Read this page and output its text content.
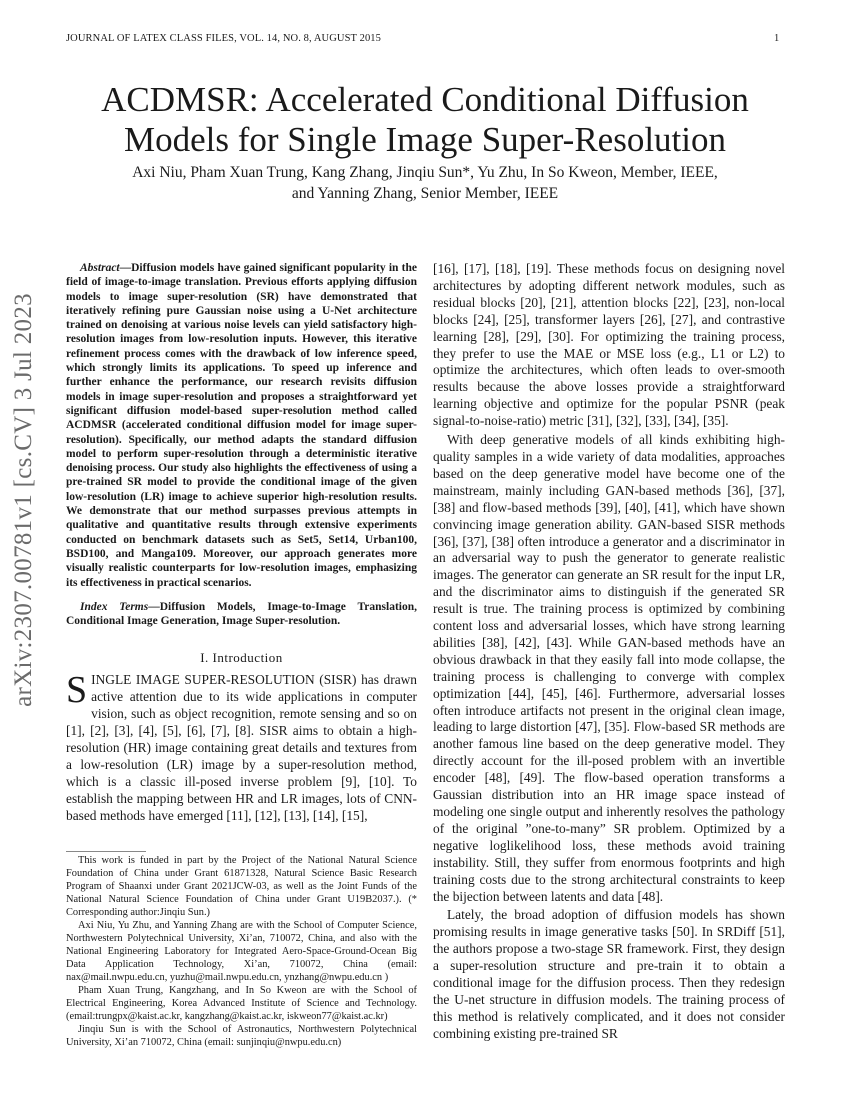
JOURNAL OF LATEX CLASS FILES, VOL. 14, NO. 8, AUGUST 2015	1
arXiv:2307.00781v1 [cs.CV] 3 Jul 2023
ACDMSR: Accelerated Conditional Diffusion Models for Single Image Super-Resolution
Axi Niu, Pham Xuan Trung, Kang Zhang, Jinqiu Sun*, Yu Zhu, In So Kweon, Member, IEEE,
and Yanning Zhang, Senior Member, IEEE

Abstract—Diffusion models have gained significant popularity in the field of image-to-image translation. Previous efforts applying diffusion models to image super-resolution (SR) have demonstrated that iteratively refining pure Gaussian noise using a U-Net architecture trained on denoising at various noise levels can yield satisfactory high-resolution images from low-resolution inputs. However, this iterative refinement process comes with the drawback of low inference speed, which strongly limits its applications. To speed up inference and further enhance the performance, our research revisits diffusion models in image super-resolution and proposes a straightforward yet significant diffusion model-based super-resolution method called ACDMSR (accelerated conditional diffusion model for image super-resolution). Specifically, our method adapts the standard diffusion model to perform super-resolution through a deterministic iterative denoising process. Our study also highlights the effectiveness of using a pre-trained SR model to provide the conditional image of the given low-resolution (LR) image to achieve superior high-resolution results. We demonstrate that our method surpasses previous attempts in qualitative and quantitative results through extensive experiments conducted on benchmark datasets such as Set5, Set14, Urban100, BSD100, and Manga109. Moreover, our approach generates more visually realistic counterparts for low-resolution images, emphasizing its effectiveness in practical scenarios.

Index Terms—Diffusion Models, Image-to-Image Translation, Conditional Image Generation, Image Super-resolution.

I. Introduction

SINGLE IMAGE SUPER-RESOLUTION (SISR) has drawn active attention due to its wide applications in computer vision, such as object recognition, remote sensing and so on [1], [2], [3], [4], [5], [6], [7], [8]. SISR aims to obtain a high-resolution (HR) image containing great details and textures from a low-resolution (LR) image by a super-resolution method, which is a classic ill-posed inverse problem [9], [10]. To establish the mapping between HR and LR images, lots of CNN-based methods have emerged [11], [12], [13], [14], [15],

This work is funded in part by the Project of the National Natural Science Foundation of China under Grant 61871328, Natural Science Basic Research Program of Shaanxi under Grant 2021JCW-03, as well as the Joint Funds of the National Natural Science Foundation of China under Grant U19B2037.). (* Corresponding author:Jinqiu Sun.)

Axi Niu, Yu Zhu, and Yanning Zhang are with the School of Computer Science, Northwestern Polytechnical University, Xi’an, 710072, China, and also with the National Engineering Laboratory for Integrated Aero-Space-Ground-Ocean Big Data Application Technology, Xi’an, 710072, China (email: nax@mail.nwpu.edu.cn, yuzhu@mail.nwpu.edu.cn, ynzhang@nwpu.edu.cn )

Pham Xuan Trung, Kangzhang, and In So Kweon are with the School of Electrical Engineering, Korea Advanced Institute of Science and Technology. (email:trungpx@kaist.ac.kr, kangzhang@kaist.ac.kr, iskweon77@kaist.ac.kr)

Jinqiu Sun is with the School of Astronautics, Northwestern Polytechnical University, Xi’an 710072, China (email: sunjinqiu@nwpu.edu.cn)

[16], [17], [18], [19]. These methods focus on designing novel architectures by adopting different network modules, such as residual blocks [20], [21], attention blocks [22], [23], non-local blocks [24], [25], transformer layers [26], [27], and contrastive learning [28], [29], [30]. For optimizing the training process, they prefer to use the MAE or MSE loss (e.g., L1 or L2) to optimize the architectures, which often leads to over-smooth results because the above losses provide a straightforward learning objective and optimize for the popular PSNR (peak signal-to-noise-ratio) metric [31], [32], [33], [34], [35].

With deep generative models of all kinds exhibiting high-quality samples in a wide variety of data modalities, approaches based on the deep generative model have become one of the mainstream, mainly including GAN-based methods [36], [37], [38] and flow-based methods [39], [40], [41], which have shown convincing image generation ability. GAN-based SISR methods [36], [37], [38] often introduce a generator and a discriminator in an adversarial way to push the generator to generate realistic images. The generator can generate an SR result for the input LR, and the discriminator aims to distinguish if the generated SR result is true. The training process is optimized by combining content loss and adversarial losses, which have strong learning abilities [38], [42], [43]. While GAN-based methods have an obvious drawback in that they easily fall into mode collapse, the training process is challenging to converge with complex optimization [44], [45], [46]. Furthermore, adversarial losses often introduce artifacts not present in the original clean image, leading to large distortion [47], [35]. Flow-based SR methods are another famous line based on the deep generative model. They directly account for the ill-posed problem with an invertible encoder [48], [49]. The flow-based operation transforms a Gaussian distribution into an HR image space instead of modeling one single output and inherently resolves the pathology of the original ”one-to-many” SR problem. Optimized by a negative loglikelihood loss, these methods avoid training instability. Still, they suffer from enormous footprints and high training costs due to the strong architectural constraints to keep the bijection between latents and data [48].

Lately, the broad adoption of diffusion models has shown promising results in image generative tasks [50]. In SRDiff [51], the authors propose a two-stage SR framework. First, they design a super-resolution structure and pre-train it to obtain a conditional image for the diffusion process. Then they redesign the U-net structure in diffusion models. The training process of this method is relatively complicated, and it does not consider combining existing pre-trained SR
